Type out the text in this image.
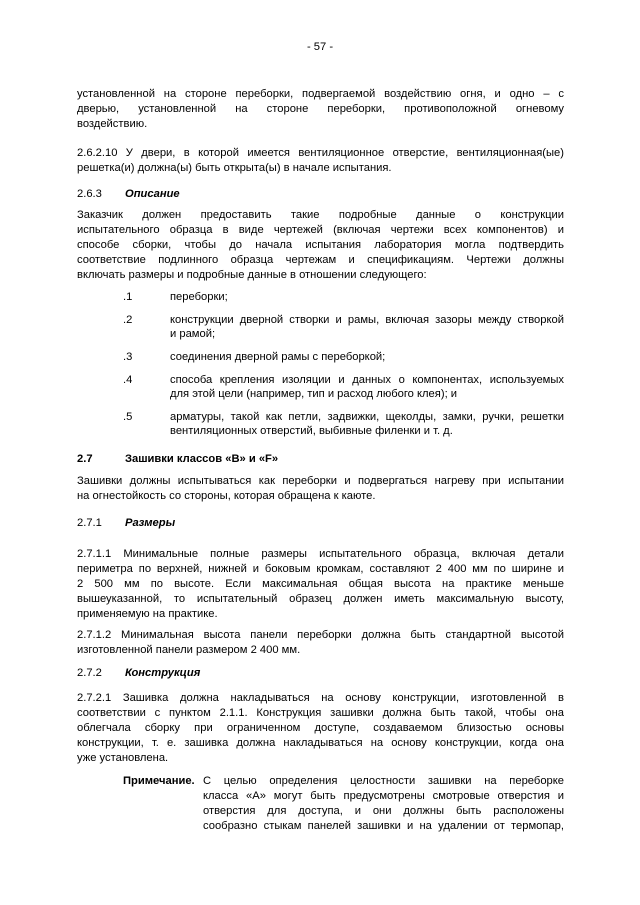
- 57 -
установленной на стороне переборки, подвергаемой воздействию огня, и одно – с
дверью, установленной на стороне переборки, противоположной огневому
воздействию.
2.6.2.10 У двери, в которой имеется вентиляционное отверстие, вентиляционная(ые)
решетка(и) должна(ы) быть открыта(ы) в начале испытания.
2.6.3 Описание
Заказчик должен предоставить такие подробные данные о конструкции
испытательного образца в виде чертежей (включая чертежи всех компонентов) и
способе сборки, чтобы до начала испытания лаборатория могла подтвердить
соответствие подлинного образца чертежам и спецификациям. Чертежи должны
включать размеры и подробные данные в отношении следующего:
.1	переборки;
.2	конструкции дверной створки и рамы, включая зазоры между створкой
и рамой;
.3	соединения дверной рамы с переборкой;
.4	способа крепления изоляции и данных о компонентах, используемых
для этой цели (например, тип и расход любого клея); и
.5	арматуры, такой как петли, задвижки, щеколды, замки, ручки, решетки
вентиляционных отверстий, выбивные филенки и т. д.
2.7	Зашивки классов «B» и «F»
Зашивки должны испытываться как переборки и подвергаться нагреву при испытании
на огнестойкость со стороны, которая обращена к каюте.
2.7.1 Размеры
2.7.1.1 Минимальные полные размеры испытательного образца, включая детали
периметра по верхней, нижней и боковым кромкам, составляют 2 400 мм по ширине и
2 500 мм по высоте. Если максимальная общая высота на практике меньше
вышеуказанной, то испытательный образец должен иметь максимальную высоту,
применяемую на практике.
2.7.1.2 Минимальная высота панели переборки должна быть стандартной высотой
изготовленной панели размером 2 400 мм.
2.7.2 Конструкция
2.7.2.1 Зашивка должна накладываться на основу конструкции, изготовленной в
соответствии с пунктом 2.1.1. Конструкция зашивки должна быть такой, чтобы она
облегчала сборку при ограниченном доступе, создаваемом близостью основы
конструкции, т. е. зашивка должна накладываться на основу конструкции, когда она
уже установлена.
Примечание. С целью определения целостности зашивки на переборке
класса «А» могут быть предусмотрены смотровые отверстия и
отверстия для доступа, и они должны быть расположены
сообразно стыкам панелей зашивки и на удалении от термопар,
